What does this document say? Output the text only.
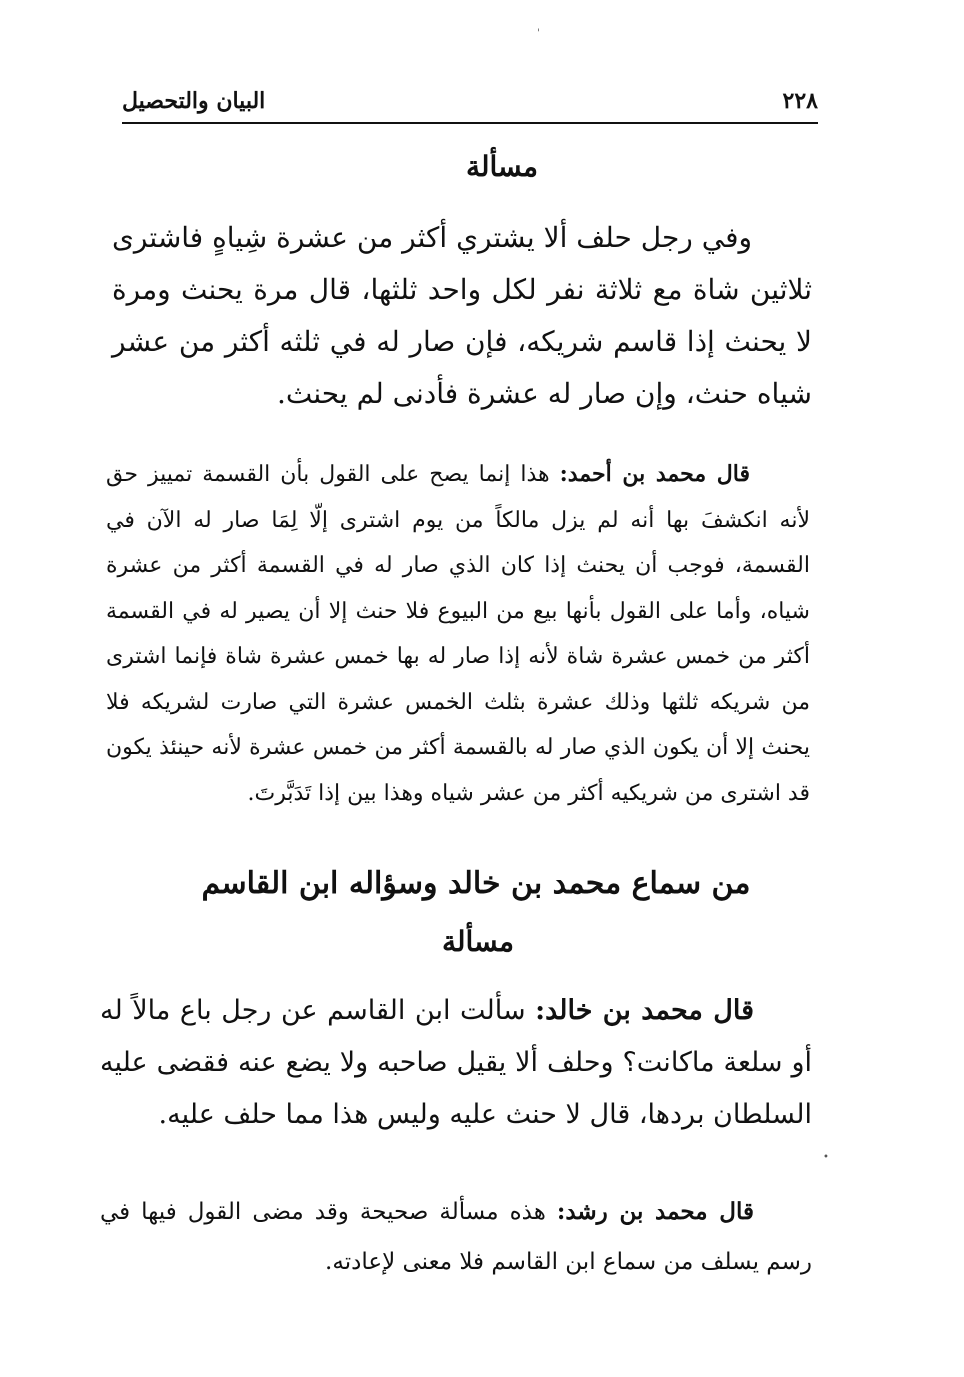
البيان والتحصيل	٢٢٨
مسألة
وفي رجل حلف ألا يشتري أكثر من عشرة شِياهٍ فاشترى ثلاثين شاة مع ثلاثة نفر لكل واحد ثلثها، قال مرة يحنث ومرة لا يحنث إذا قاسم شريكه، فإن صار له في ثلثه أكثر من عشر شياه حنث، وإن صار له عشرة فأدنى لم يحنث.
قال محمد بن أحمد: هذا إنما يصح على القول بأن القسمة تمييز حق لأنه انكشفَ بها أنه لم يزل مالكاً من يوم اشترى إلّا لِمَا صار له الآن في القسمة، فوجب أن يحنث إذا كان الذي صار له في القسمة أكثر من عشرة شياه، وأما على القول بأنها بيع من البيوع فلا حنث إلا أن يصير له في القسمة أكثر من خمس عشرة شاة لأنه إذا صار له بها خمس عشرة شاة فإنما اشترى من شريكه ثلثها وذلك عشرة بثلث الخمس عشرة التي صارت لشريكه فلا يحنث إلا أن يكون الذي صار له بالقسمة أكثر من خمس عشرة لأنه حينئذ يكون قد اشترى من شريكيه أكثر من عشر شياه وهذا بين إذا تَدَبَّرتَ.
من سماع محمد بن خالد وسؤاله ابن القاسم
مسألة
قال محمد بن خالد: سألت ابن القاسم عن رجل باع مالاً له أو سلعة ماكانت؟ وحلف ألا يقيل صاحبه ولا يضع عنه فقضى عليه السلطان بردها، قال لا حنث عليه وليس هذا مما حلف عليه.
قال محمد بن رشد: هذه مسألة صحيحة وقد مضى القول فيها في رسم يسلف من سماع ابن القاسم فلا معنى لإعادته.
'
•
